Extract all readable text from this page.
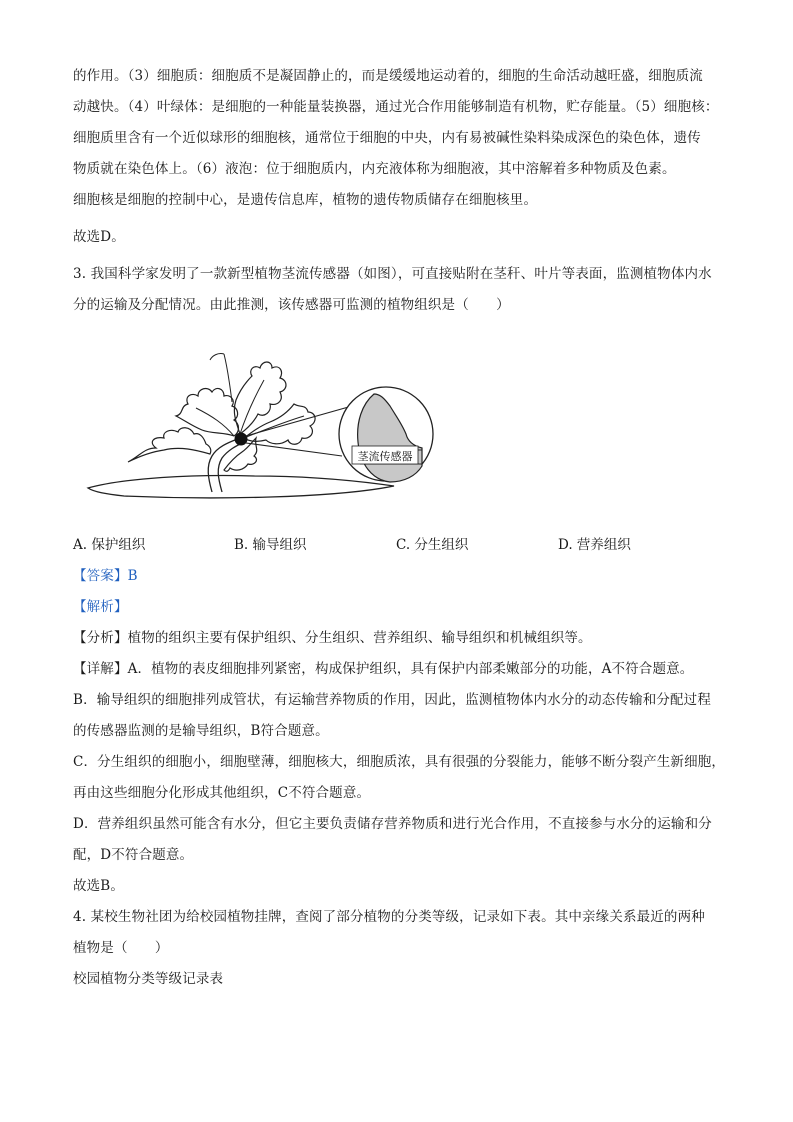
的作用。（3）细胞质：细胞质不是凝固静止的，而是缓缓地运动着的，细胞的生命活动越旺盛，细胞质流
动越快。（4）叶绿体：是细胞的一种能量装换器，通过光合作用能够制造有机物，贮存能量。（5）细胞核：
细胞质里含有一个近似球形的细胞核，通常位于细胞的中央，内有易被碱性染料染成深色的染色体，遗传
物质就在染色体上。（6）液泡：位于细胞质内，内充液体称为细胞液，其中溶解着多种物质及色素。
细胞核是细胞的控制中心，是遗传信息库，植物的遗传物质储存在细胞核里。
故选D。
3. 我国科学家发明了一款新型植物茎流传感器（如图），可直接贴附在茎秆、叶片等表面，监测植物体内水
分的运输及分配情况。由此推测，该传感器可监测的植物组织是（　　）
茎流传感器
A. 保护组织	B. 输导组织	C. 分生组织	D. 营养组织
【答案】B
【解析】
【分析】植物的组织主要有保护组织、分生组织、营养组织、输导组织和机械组织等。
【详解】A．植物的表皮细胞排列紧密，构成保护组织，具有保护内部柔嫩部分的功能，A不符合题意。
B．输导组织的细胞排列成管状，有运输营养物质的作用，因此，监测植物体内水分的动态传输和分配过程
的传感器监测的是输导组织，B符合题意。
C．分生组织的细胞小，细胞壁薄，细胞核大，细胞质浓，具有很强的分裂能力，能够不断分裂产生新细胞，
再由这些细胞分化形成其他组织，C不符合题意。
D．营养组织虽然可能含有水分，但它主要负责储存营养物质和进行光合作用，不直接参与水分的运输和分
配，D不符合题意。
故选B。
4. 某校生物社团为给校园植物挂牌，查阅了部分植物的分类等级，记录如下表。其中亲缘关系最近的两种
植物是（　　）
校园植物分类等级记录表
